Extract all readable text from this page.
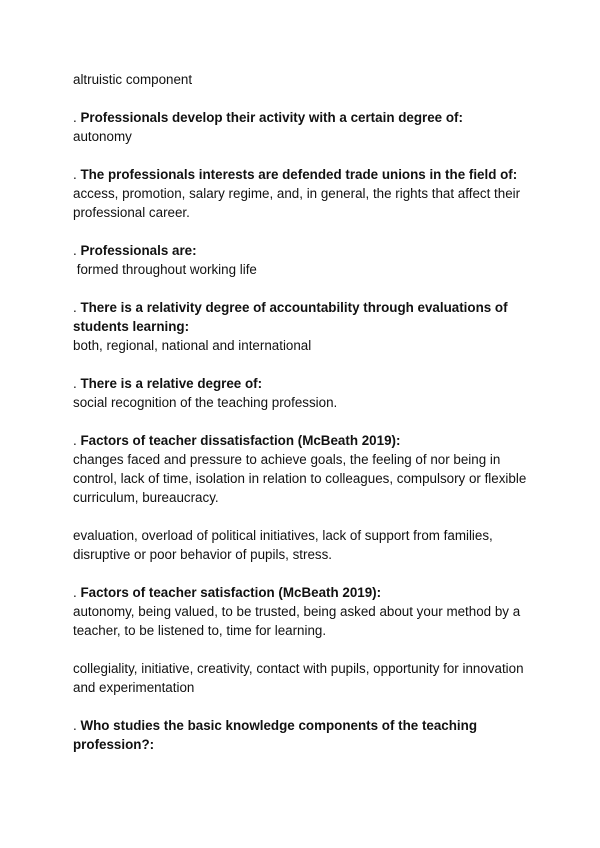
altruistic component

. Professionals develop their activity with a certain degree of:

autonomy

. The professionals interests are defended trade unions in the field of:

access, promotion, salary regime, and, in general, the rights that affect their professional career.

. Professionals are:

formed throughout working life

. There is a relativity degree of accountability through evaluations of students learning:

both, regional, national and international

. There is a relative degree of:

social recognition of the teaching profession.

. Factors of teacher dissatisfaction (McBeath 2019):

changes faced and pressure to achieve goals, the feeling of nor being in control, lack of time, isolation in relation to colleagues, compulsory or flexible curriculum, bureaucracy.

evaluation, overload of political initiatives, lack of support from families, disruptive or poor behavior of pupils, stress.

. Factors of teacher satisfaction (McBeath 2019):

autonomy, being valued, to be trusted, being asked about your method by a teacher, to be listened to, time for learning.

collegiality, initiative, creativity, contact with pupils, opportunity for innovation and experimentation

. Who studies the basic knowledge components of the teaching profession?:
